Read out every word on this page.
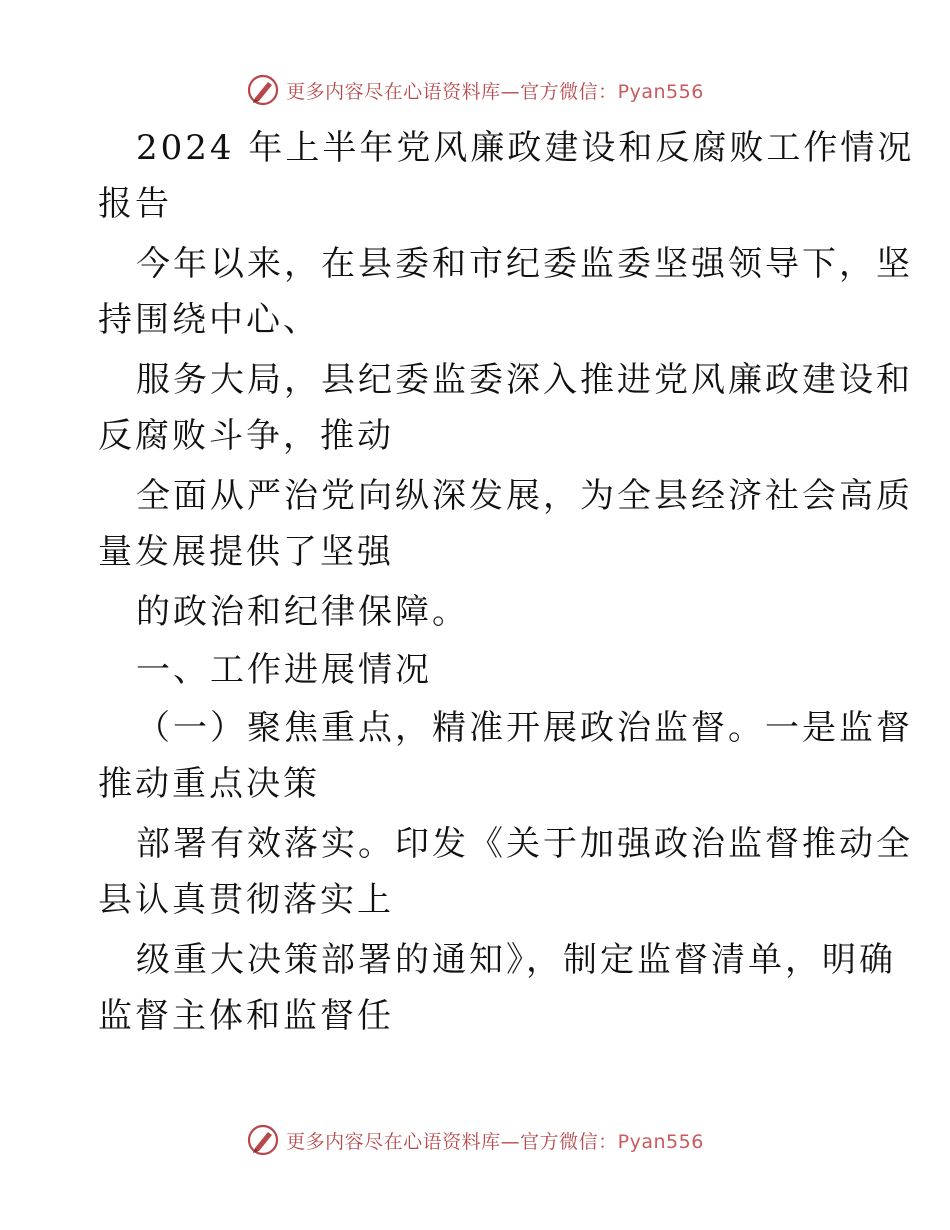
更多内容尽在心语资料库—官方微信：Pyan556
2024 年上半年党风廉政建设和反腐败工作情况
报告
今年以来，在县委和市纪委监委坚强领导下，坚
持围绕中心、
服务大局，县纪委监委深入推进党风廉政建设和
反腐败斗争，推动
全面从严治党向纵深发展，为全县经济社会高质
量发展提供了坚强
的政治和纪律保障。
一、工作进展情况
（一）聚焦重点，精准开展政治监督。一是监督
推动重点决策
部署有效落实。印发《关于加强政治监督推动全
县认真贯彻落实上
级重大决策部署的通知》，制定监督清单，明确
监督主体和监督任
更多内容尽在心语资料库—官方微信：Pyan556
